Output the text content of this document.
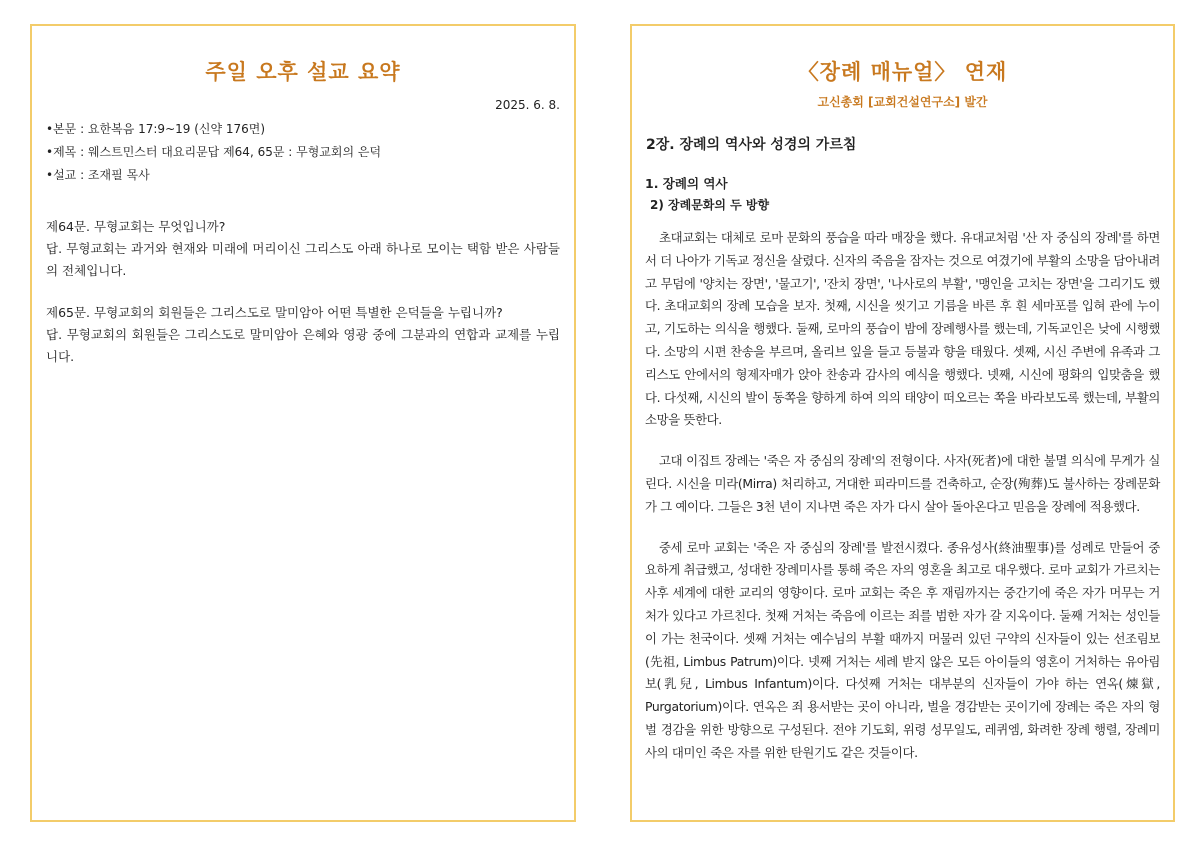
주일 오후 설교 요약
2025. 6. 8.
•본문 : 요한복음 17:9~19 (신약 176면)
•제목 : 웨스트민스터 대요리문답 제64, 65문 : 무형교회의 은덕
•설교 : 조재필 목사

제64문. 무형교회는 무엇입니까?

답. 무형교회는 과거와 현재와 미래에 머리이신 그리스도 아래 하나로 모이는 택함 받은 사람들의 전체입니다.

제65문. 무형교회의 회원들은 그리스도로 말미암아 어떤 특별한 은덕들을 누립니까?

답. 무형교회의 회원들은 그리스도로 말미암아 은혜와 영광 중에 그분과의 연합과 교제를 누립니다.

〈장례 매뉴얼〉 연재
고신총회 [교회건설연구소] 발간
2장. 장례의 역사와 성경의 가르침
1. 장례의 역사
2) 장례문화의 두 방향

초대교회는 대체로 로마 문화의 풍습을 따라 매장을 했다. 유대교처럼 '산 자 중심의 장례'를 하면서 더 나아가 기독교 정신을 살렸다. 신자의 죽음을 잠자는 것으로 여겼기에 부활의 소망을 담아내려고 무덤에 '양치는 장면', '물고기', '잔치 장면', '나사로의 부활', '맹인을 고치는 장면'을 그리기도 했다. 초대교회의 장례 모습을 보자. 첫째, 시신을 씻기고 기름을 바른 후 흰 세마포를 입혀 관에 누이고, 기도하는 의식을 행했다. 둘째, 로마의 풍습이 밤에 장례행사를 했는데, 기독교인은 낮에 시행했다. 소망의 시편 찬송을 부르며, 올리브 잎을 들고 등불과 향을 태웠다. 셋째, 시신 주변에 유족과 그리스도 안에서의 형제자매가 앉아 찬송과 감사의 예식을 행했다. 넷째, 시신에 평화의 입맞춤을 했다. 다섯째, 시신의 발이 동쪽을 향하게 하여 의의 태양이 떠오르는 쪽을 바라보도록 했는데, 부활의 소망을 뜻한다.

고대 이집트 장례는 '죽은 자 중심의 장례'의 전형이다. 사자(死者)에 대한 불멸 의식에 무게가 실린다. 시신을 미라(Mirra) 처리하고, 거대한 피라미드를 건축하고, 순장(殉葬)도 불사하는 장례문화가 그 예이다. 그들은 3천 년이 지나면 죽은 자가 다시 살아 돌아온다고 믿음을 장례에 적용했다.

중세 로마 교회는 '죽은 자 중심의 장례'를 발전시켰다. 종유성사(終油聖事)를 성례로 만들어 중요하게 취급했고, 성대한 장례미사를 통해 죽은 자의 영혼을 최고로 대우했다. 로마 교회가 가르치는 사후 세계에 대한 교리의 영향이다. 로마 교회는 죽은 후 재림까지는 중간기에 죽은 자가 머무는 거처가 있다고 가르친다. 첫째 거처는 죽음에 이르는 죄를 범한 자가 갈 지옥이다. 둘째 거처는 성인들이 가는 천국이다. 셋째 거처는 예수님의 부활 때까지 머물러 있던 구약의 신자들이 있는 선조림보(先祖, Limbus Patrum)이다. 넷째 거처는 세례 받지 않은 모든 아이들의 영혼이 거처하는 유아림보(乳兒, Limbus Infantum)이다. 다섯째 거처는 대부분의 신자들이 가야 하는 연옥(煉獄, Purgatorium)이다. 연옥은 죄 용서받는 곳이 아니라, 벌을 경감받는 곳이기에 장례는 죽은 자의 형벌 경감을 위한 방향으로 구성된다. 전야 기도회, 위령 성무일도, 레퀴엠, 화려한 장례 행렬, 장례미사의 대미인 죽은 자를 위한 탄원기도 같은 것들이다.
